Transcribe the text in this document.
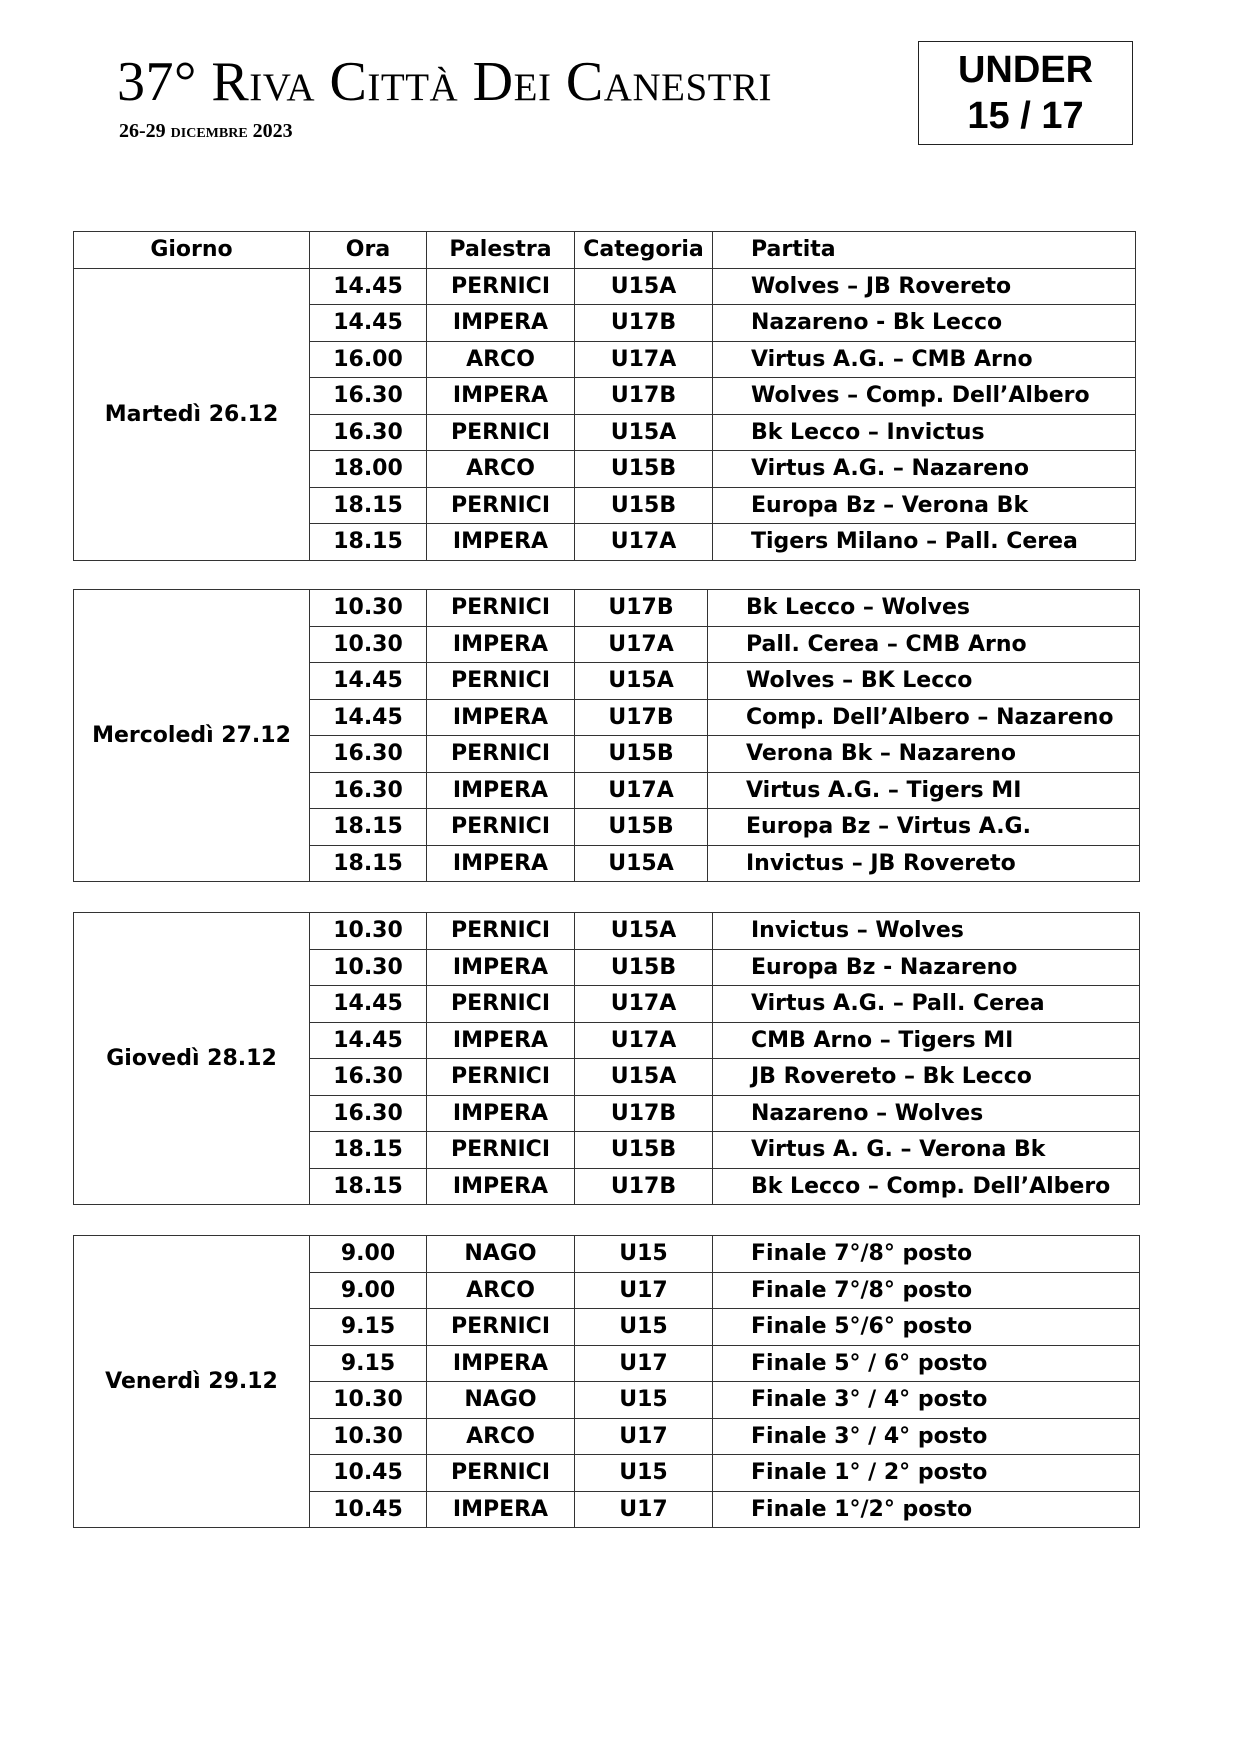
37° Riva Città Dei Canestri
26-29 dicembre 2023
UNDER
15 / 17
Giorno	Ora	Palestra	Categoria	Partita
Martedì 26.12	14.45	PERNICI	U15A	Wolves – JB Rovereto
	14.45	IMPERA	U17B	Nazareno - Bk Lecco
	16.00	ARCO	U17A	Virtus A.G. – CMB Arno
	16.30	IMPERA	U17B	Wolves – Comp. Dell’Albero
	16.30	PERNICI	U15A	Bk Lecco – Invictus
	18.00	ARCO	U15B	Virtus A.G. – Nazareno
	18.15	PERNICI	U15B	Europa Bz – Verona Bk
	18.15	IMPERA	U17A	Tigers Milano – Pall. Cerea
Mercoledì 27.12	10.30	PERNICI	U17B	Bk Lecco – Wolves
	10.30	IMPERA	U17A	Pall. Cerea – CMB Arno
	14.45	PERNICI	U15A	Wolves – BK Lecco
	14.45	IMPERA	U17B	Comp. Dell’Albero – Nazareno
	16.30	PERNICI	U15B	Verona Bk – Nazareno
	16.30	IMPERA	U17A	Virtus A.G. – Tigers MI
	18.15	PERNICI	U15B	Europa Bz – Virtus A.G.
	18.15	IMPERA	U15A	Invictus – JB Rovereto
Giovedì 28.12	10.30	PERNICI	U15A	Invictus – Wolves
	10.30	IMPERA	U15B	Europa Bz - Nazareno
	14.45	PERNICI	U17A	Virtus A.G. – Pall. Cerea
	14.45	IMPERA	U17A	CMB Arno – Tigers MI
	16.30	PERNICI	U15A	JB Rovereto – Bk Lecco
	16.30	IMPERA	U17B	Nazareno – Wolves
	18.15	PERNICI	U15B	Virtus A. G. – Verona Bk
	18.15	IMPERA	U17B	Bk Lecco – Comp. Dell’Albero
Venerdì 29.12	9.00	NAGO	U15	Finale 7°/8° posto
	9.00	ARCO	U17	Finale 7°/8° posto
	9.15	PERNICI	U15	Finale 5°/6° posto
	9.15	IMPERA	U17	Finale 5° / 6° posto
	10.30	NAGO	U15	Finale 3° / 4° posto
	10.30	ARCO	U17	Finale 3° / 4° posto
	10.45	PERNICI	U15	Finale 1° / 2° posto
	10.45	IMPERA	U17	Finale 1°/2° posto
